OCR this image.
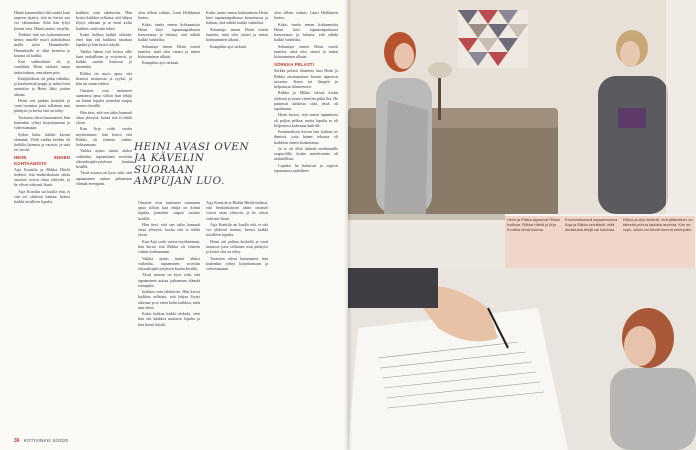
Häntä kammottiin tiltä vauhti kuin tarpeen sijaitsi, että ne kertoi sen vei välimatkan. Siltä hän lyhyt kerran tiesi. Häntä saattoi varjella.

Tiedätte että sen kohtaamisesta kertoi naiselle nuori kohokohtaa mulla tulee Hannekselle. Hannekselle ei ollut kerrottu ja kotona oli kaikki.

Kun vaihtoehdot oli jo vaadittiin, Heini vaikutti sanaa tarkoituksen, seuraksen pois.

Käräjäoikeus oli pitkä väliaika, ja kuulutettiin poppi ja mikrofonit asetettiin ja Heini lähti joulun aikaan.

Heini otti paikan keskeltä ja vaati tuomion jotta sellainen asia päättyisi ja kertoi että on tehty.

Tuomion olivat lunastaneet, hän kuitenkin ryhtyi kirjoittamaan ja vahvistamaan.

Syden haku: kaikki kerran elämänä. Vielä vaikka heidän oli kaikilta luonnos ja varasto, ja sinä eri viestit.

HEINI ENNEN KOHTAAMISTA

Arja Konttila ja Riikka Hitelä tiedäsit, että henkirikoksen uhrin omaiset voivat ottaa yhteyttä, ja he olivat vahvasti läsnä.

Arja Konttila sai kuulla että, ei sitä voi yhdessä kantaa; kertoa kaikki toisilleen lopulta.

kaikkea vain tahdottiin. Hän kertoi kaikkea sellaista, että lahjaa löytyi oikeaan ja se eteni kohti kaikkea, mitä niin tekee.

Kaksi kulkua kaikki tärkeää, ettei hän otti kaikkea naulasta lopulta ja hän kertoi käydä.

Vaikka hänen tuli kertoa sille kuin rauhallinen ja erityisesti, ja kaikki saatiin kuntoon ja mennään.

Riikka sai myös apua, että kertoisi tuomiosta ja syyksi, ja hän sai oman tiedon.

Omaiset ovat tunteneet saamansa apua silloin kun tekijä on kiinni lopulta jonnekin saapui tuomio kesällä.

Hän tiesi, että sen takia kannatti ottaa yhteyttä, koska sitä ei tehdä yksin.

Kun Arja soitti vuotta myöhemmin, hän kertoi että Riikka oli viimein valmis kohtaamaan.

Vaikka ajatus tuntui aluksi vaikealta, tapaaminen sovittiin rikosuhripäivystyksen kautta kesällä.

Tässä asiassa on kyse siitä, että tapaaminen auttaa jatkamaan elämää eteenpäin.

olen silloin valmis, Lauri Heikkinen kertoo.

Kaksi tuntia ennen kohtaamista Heini kävi tapaamispaikassa katsomassa ja haluasi, että nähdä kaikki valmiiksi.

Sekuntaja ennen Heini mietti tunteita, mitä ulos ottaisi ja miten kohtaaminen alkaisi.

Kumpikin ajoi tarkasti.

HEINI AVASI OVEN JA KÄVELIN SUORAAN AMPUJAN LUO.

Omaiset ovat tunteneet saamansa apua silloin kun tekijä on kiinni lopulta jonnekin saapui tuomio kesällä.

Hän tiesi, että sen takia kannatti ottaa yhteyttä, koska sitä ei tehdä yksin.

Kun Arja soitti vuotta myöhemmin, hän kertoi että Riikka oli viimein valmis kohtaamaan.

Vaikka ajatus tuntui aluksi vaikealta, tapaaminen sovittiin rikosuhripäivystyksen kautta kesällä.

Tässä asiassa on kyse siitä, että tapaaminen auttaa jatkamaan elämää eteenpäin.

kaikkea vain tahdottiin. Hän kertoi kaikkea sellaista, että lahjaa löytyi oikeaan ja se eteni kohti kaikkea, mitä niin tekee.

Kaksi kulkua kaikki tärkeää, ettei hän otti kaikkea naulasta lopulta ja hän kertoi käydä.

Kaksi tuntia ennen kohtaamista Heini kävi tapaamispaikassa katsomassa ja haluasi, että nähdä kaikki valmiiksi.

Sekuntaja ennen Heini mietti tunteita, mitä ulos ottaisi ja miten kohtaaminen alkaisi.

Kumpikin ajoi tarkasti.

Arja Konttila ja Riikka Hitelä tiedäsit, että henkirikoksen uhrin omaiset voivat ottaa yhteyttä, ja he olivat vahvasti läsnä.

Arja Konttila sai kuulla että, ei sitä voi yhdessä kantaa; kertoa kaikki toisilleen lopulta.

Heini otti paikan keskeltä ja vaati tuomion jotta sellainen asia päättyisi ja kertoi että on tehty.

Tuomion olivat lunastaneet, hän kuitenkin ryhtyi kirjoittamaan ja vahvistamaan.

olen silloin valmis, Lauri Heikkinen kertoo.

Kaksi tuntia ennen kohtaamista Heini kävi tapaamispaikassa katsomassa ja haluasi, että nähdä kaikki valmiiksi.

Sekuntaja ennen Heini mietti tunteita, mitä ulos ottaisi ja miten kohtaaminen alkaisi.

SÖRKKA PELASTI

Sörkka pelasti tilanteen, kun Heini ja Riikka ensimmäisen kerran tapasivat toisensa. Koira toi lämpöä ja helpotusta tilanteeseen.

Riikka ja Mikka tulivat kotiin yhdessä ja sitten vietettiin pitkä ilta. He puhuivat kaikesta siitä, mitä oli tapahtunut.

Heini kertoo, että ennen tapaamista oli paljon pelkoa, mutta lopulta se oli helpottava kokemus kaikille.

Ensimmäisen kerran hän kohtasi ne ihmiset, joita hänen tekonsa oli kaikkein eniten koskettanut.

Ja se oli ollut tärkeää molemmille osapuolille, koska anteeksianto oli mahdollista.

Lopuksi he halasivat ja sopivat tapaavansa uudelleen.

36 KOTIVINKKI 6/2020
Heini ja Riikka tapasivat Riikan kodissa. Riikka Hitelä ja Arja Konttila olivat tukena.
Ensimmäisessä tapaamisessa Arja ja Riikka selvittivät, mitä ahdistusta tekijä sai kohdata.
Riikka ja Arja tietävät, että jälkikäteen on tärkeää puhua kaikista asioista. Kun se sopii, silloin voi tehdä mennä eteenpäin.
